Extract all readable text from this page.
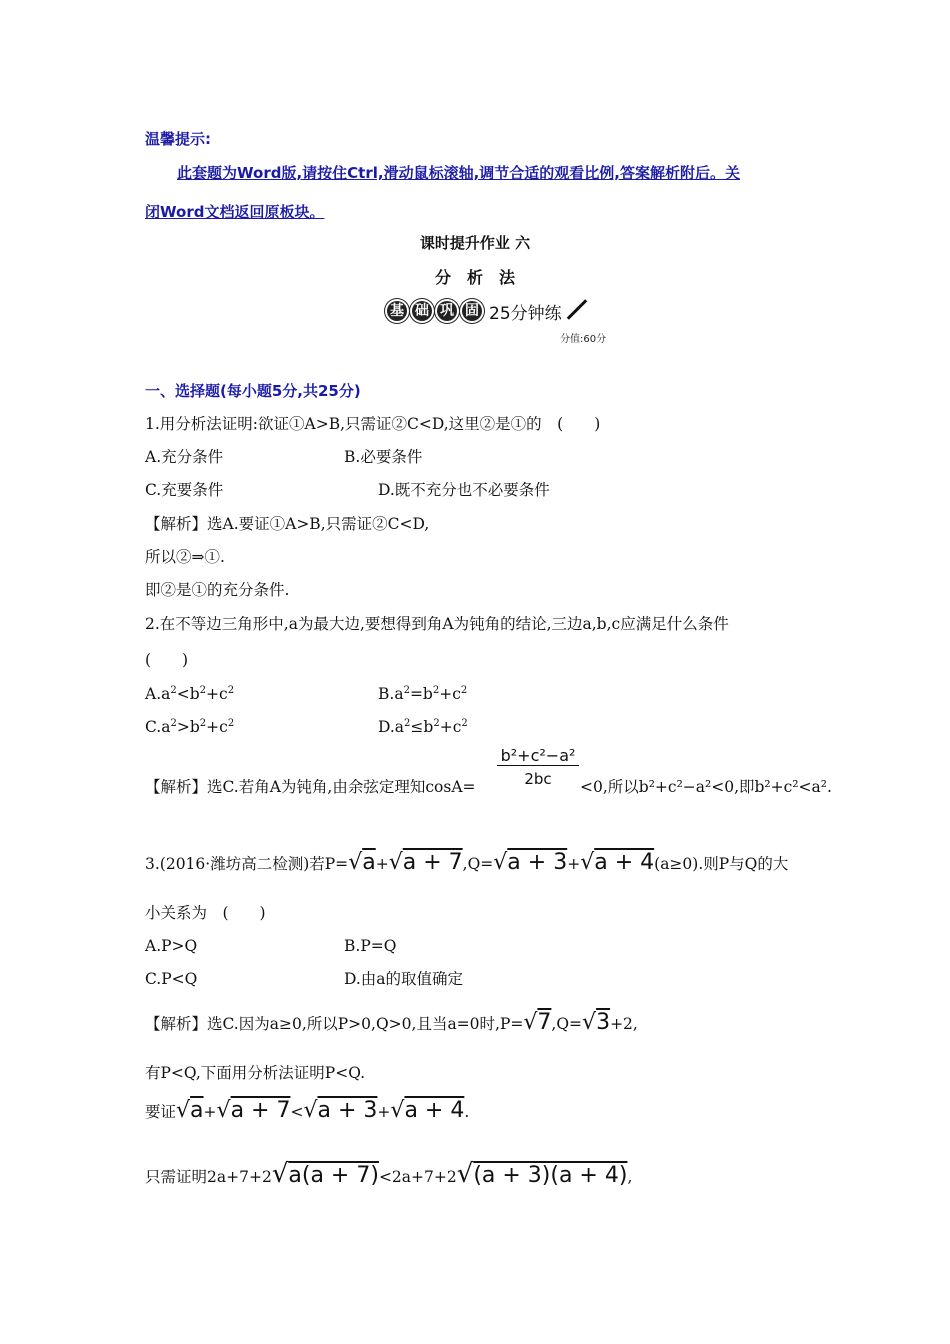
温馨提示:
此套题为Word版,请按住Ctrl,滑动鼠标滚轴,调节合适的观看比例,答案解析附后。关
闭Word文档返回原板块。
课时提升作业 六
分　析　法
基 础 巩 固 25分钟练
分值:60分
一、选择题(每小题5分,共25分)
1.用分析法证明:欲证①A>B,只需证②C<D,这里②是①的　(　　)
A.充分条件	B.必要条件
C.充要条件	D.既不充分也不必要条件
【解析】选A.要证①A>B,只需证②C<D,
所以②⇒①.
即②是①的充分条件.
2.在不等边三角形中,a为最大边,要想得到角A为钝角的结论,三边a,b,c应满足什么条件
(　　)
$A.a^2<b^2+c^2$	$B.a^2=b^2+c^2$
$C.a^2>b^2+c^2$	$D.a^2\le b^2+c^2$
【解析】选C.若角A为钝角,由余弦定理知$\cos A= \frac{\text{b²+c²−a²}}{2bc} <0$,所以b²+c²−a²<0,即b²+c²<a².
3.(2016·潍坊高二检测)若P=√a+√a + 7,Q=√a + 3+√a + 4(a≥0).则P与Q的大
小关系为　(　　)
A.P>Q	B.P=Q
C.P<Q	D.由a的取值确定
【解析】选C.因为a≥0,所以P>0,Q>0,且当a=0时,P=√7,Q=√3+2,
有P<Q,下面用分析法证明P<Q.
要证√a+√a + 7<√a + 3+√a + 4.
只需证明2a+7+2√a(a + 7)<2a+7+2√(a + 3)(a + 4),
